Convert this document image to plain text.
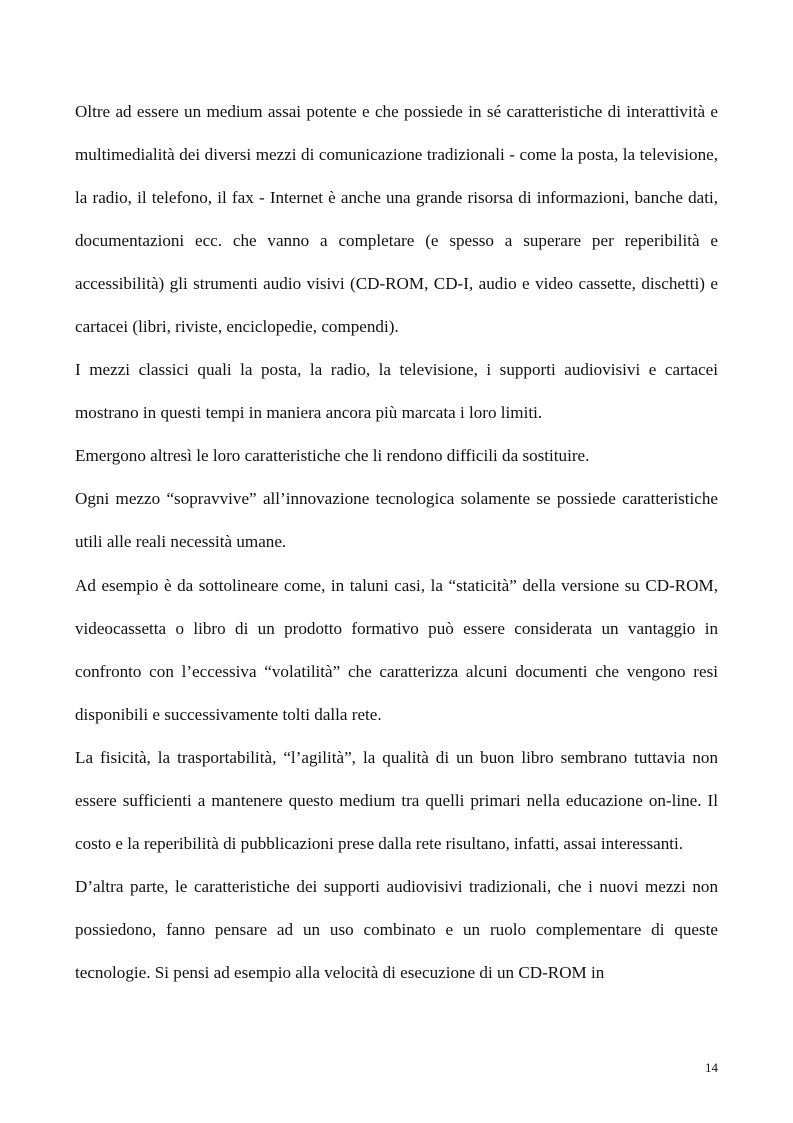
Oltre ad essere un medium assai potente e che possiede in sé caratteristiche di interattività e multimedialità dei diversi mezzi di comunicazione tradizionali - come la posta, la televisione, la radio, il telefono, il fax - Internet è anche una grande risorsa di informazioni, banche dati, documentazioni ecc. che vanno a completare (e spesso a superare per reperibilità e accessibilità) gli strumenti audio visivi (CD-ROM, CD-I, audio e video cassette, dischetti) e cartacei (libri, riviste, enciclopedie, compendi).

I mezzi classici quali la posta, la radio, la televisione, i supporti audiovisivi e cartacei mostrano in questi tempi in maniera ancora più marcata i loro limiti.

Emergono altresì le loro caratteristiche che li rendono difficili da sostituire.

Ogni mezzo “sopravvive” all’innovazione tecnologica solamente se possiede caratteristiche utili alle reali necessità umane.

Ad esempio è da sottolineare come, in taluni casi, la “staticità” della versione su CD-ROM, videocassetta o libro di un prodotto formativo può essere considerata un vantaggio in confronto con l’eccessiva “volatilità” che caratterizza alcuni documenti che vengono resi disponibili e successivamente tolti dalla rete.

La fisicità, la trasportabilità, “l’agilità”, la qualità di un buon libro sembrano tuttavia non essere sufficienti a mantenere questo medium tra quelli primari nella educazione on-line. Il costo e la reperibilità di pubblicazioni prese dalla rete risultano, infatti, assai interessanti.

D’altra parte, le caratteristiche dei supporti audiovisivi tradizionali, che i nuovi mezzi non possiedono, fanno pensare ad un uso combinato e un ruolo complementare di queste tecnologie. Si pensi ad esempio alla velocità di esecuzione di un CD-ROM in

14
